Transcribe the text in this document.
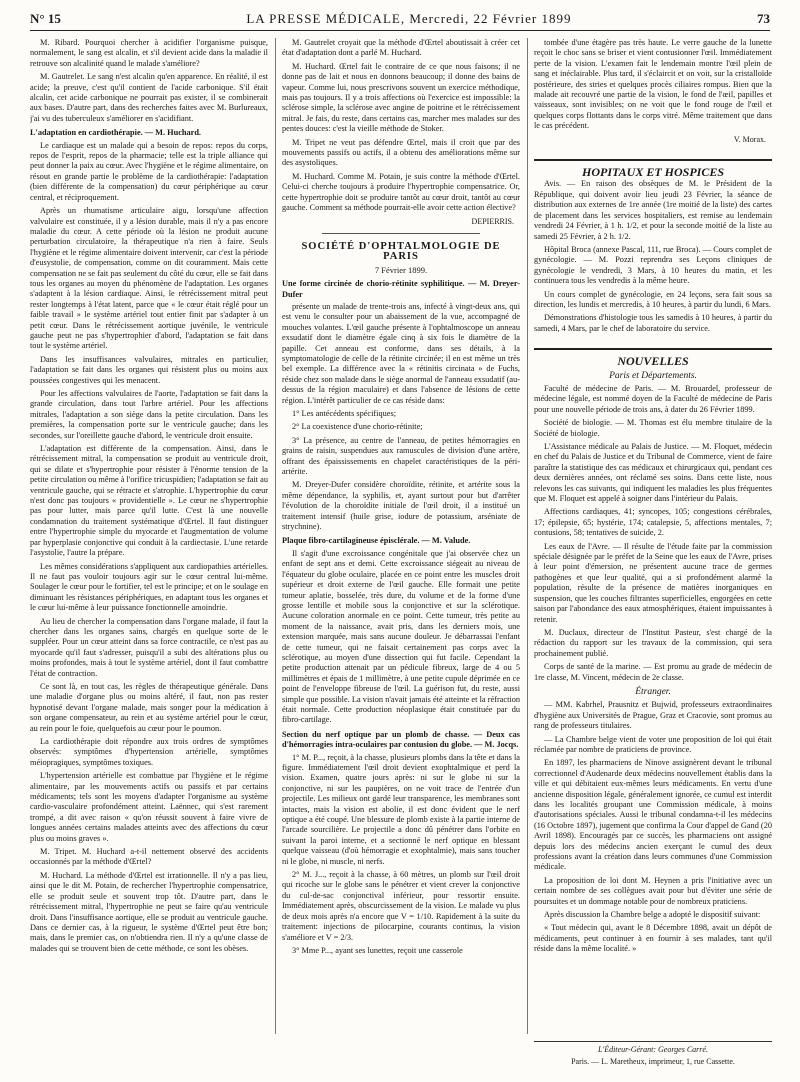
N° 15	LA PRESSE MÉDICALE, Mercredi, 22 Février 1899	73

M. Ribard. Pourquoi chercher à acidifier l'organisme puisque, normalement, le sang est alcalin, et s'il devient acide dans la maladie il retrouve son alcalinité quand le malade s'améliore?

M. Gautrelet. Le sang n'est alcalin qu'en apparence. En réalité, il est acide; la preuve, c'est qu'il contient de l'acide carbonique. S'il était alcalin, cet acide carbonique ne pourrait pas exister, il se combinerait aux bases. D'autre part, dans des recherches faites avec M. Burlureaux, j'ai vu des tuberculeux s'améliorer en s'acidifiant.

L'adaptation en cardiothérapie. — M. Huchard.

Le cardiaque est un malade qui a besoin de repos: repos du corps, repos de l'esprit, repos de la pharmacie; telle est la triple alliance qui peut donner la paix au cœur. Avec l'hygiène et le régime alimentaire, on résout en grande partie le problème de la cardiothérapie: l'adaptation (bien différente de la compensation) du cœur périphérique au cœur central, et réciproquement.

Après un rhumatisme articulaire aigu, lorsqu'une affection valvulaire est constituée, il y a lésion durable, mais il n'y a pas encore maladie du cœur. A cette période où la lésion ne produit aucune perturbation circulatoire, la thérapeutique n'a rien à faire. Seuls l'hygiène et le régime alimentaire doivent intervenir, car c'est la période d'eusystolie, de compensation, comme on dit couramment. Mais cette compensation ne se fait pas seulement du côté du cœur, elle se fait dans tous les organes au moyen du phénomène de l'adaptation. Les organes s'adaptent à la lésion cardiaque. Ainsi, le rétrécissement mitral peut rester longtemps à l'état latent, parce que « le cœur était réglé pour un faible travail » le système artériel tout entier finit par s'adapter à un petit cœur. Dans le rétrécissement aortique juvénile, le ventricule gauche peut ne pas s'hypertrophier d'abord, l'adaptation se fait dans tout le système artériel.

Dans les insuffisances valvulaires, mitrales en particulier, l'adaptation se fait dans les organes qui résistent plus ou moins aux poussées congestives qui les menacent.

Pour les affections valvulaires de l'aorte, l'adaptation se fait dans la grande circulation, dans tout l'arbre artériel. Pour les affections mitrales, l'adaptation a son siège dans la petite circulation. Dans les premières, la compensation porte sur le ventricule gauche; dans les secondes, sur l'oreillette gauche d'abord, le ventricule droit ensuite.

L'adaptation est différente de la compensation. Ainsi, dans le rétrécissement mitral, la compensation se produit au ventricule droit, qui se dilate et s'hypertrophie pour résister à l'énorme tension de la petite circulation ou même à l'orifice tricuspidien; l'adaptation se fait au ventricule gauche, qui se rétracte et s'atrophie. L'hypertrophie du cœur n'est donc pas toujours « providentielle ». Le cœur ne s'hypertrophie pas pour lutter, mais parce qu'il lutte. C'est là une nouvelle condamnation du traitement systématique d'Œrtel. Il faut distinguer entre l'hypertrophie simple du myocarde et l'augmentation de volume par hyperplasie conjonctive qui conduit à la cardiectasie. L'une retarde l'asystolie, l'autre la prépare.

Les mêmes considérations s'appliquent aux cardiopathies artérielles. Il ne faut pas vouloir toujours agir sur le cœur central lui-même. Soulager le cœur pour le fortifier, tel est le principe; et on le soulage en diminuant les résistances périphériques, en adaptant tous les organes et le cœur lui-même à leur puissance fonctionnelle amoindrie.

Au lieu de chercher la compensation dans l'organe malade, il faut la chercher dans les organes sains, chargés en quelque sorte de le suppléer. Pour un cœur atteint dans sa force contractile, ce n'est pas au myocarde qu'il faut s'adresser, puisqu'il a subi des altérations plus ou moins profondes, mais à tout le système artériel, dont il faut combattre l'état de contraction.

Ce sont là, en tout cas, les règles de thérapeutique générale. Dans une maladie d'organe plus ou moins altéré, il faut, non pas rester hypnotisé devant l'organe malade, mais songer pour la médication à son organe compensateur, au rein et au système artériel pour le cœur, au rein pour le foie, quelquefois au cœur pour le poumon.

La cardiothérapie doit répondre aux trois ordres de symptômes observés: symptômes d'hypertension artérielle, symptômes méiopragiques, symptômes toxiques.

L'hypertension artérielle est combattue par l'hygiène et le régime alimentaire, par les mouvements actifs ou passifs et par certains médicaments; tels sont les moyens d'adapter l'organisme au système cardio-vasculaire profondément atteint. Laënnec, qui s'est rarement trompé, a dit avec raison « qu'on réussit souvent à faire vivre de longues années certains malades atteints avec des affections du cœur plus ou moins graves ».

M. Tripet. M. Huchard a-t-il nettement observé des accidents occasionnés par la méthode d'Œrtel?

M. Huchard. La méthode d'Œrtel est irrationnelle. Il n'y a pas lieu, ainsi que le dit M. Potain, de rechercher l'hypertrophie compensatrice, elle se produit seule et souvent trop tôt. D'autre part, dans le rétrécissement mitral, l'hypertrophie ne peut se faire qu'au ventricule droit. Dans l'insuffisance aortique, elle se produit au ventricule gauche. Dans ce dernier cas, à la rigueur, le système d'Œrtel peut être bon; mais, dans le premier cas, on n'obtiendra rien. Il n'y a qu'une classe de malades qui se trouvent bien de cette méthode, ce sont les obèses.

M. Gautrelet croyait que la méthode d'Œrtel aboutissait à créer cet état d'adaptation dont a parlé M. Huchard.

M. Huchard. Œrtel fait le contraire de ce que nous faisons; il ne donne pas de lait et nous en donnons beaucoup; il donne des bains de vapeur. Comme lui, nous prescrivons souvent un exercice méthodique, mais pas toujours. Il y a trois affections où l'exercice est impossible: la sclérose simple, la sclérose avec angine de poitrine et le rétrécissement mitral. Je fais, du reste, dans certains cas, marcher mes malades sur des pentes douces: c'est la vieille méthode de Stoker.

M. Tripet ne veut pas défendre Œrtel, mais il croit que par des mouvements passifs ou actifs, il a obtenu des améliorations même sur des asystoliques.

M. Huchard. Comme M. Potain, je suis contre la méthode d'Œrtel. Celui-ci cherche toujours à produire l'hypertrophie compensatrice. Or, cette hypertrophie doit se produire tantôt au cœur droit, tantôt au cœur gauche. Comment sa méthode pourrait-elle avoir cette action élective?

DEPIERRIS.
SOCIÉTÉ D'OPHTALMOLOGIE DE PARIS
7 Février 1899.

Une forme circinée de chorio-rétinite syphilitique. — M. Dreyer-Dufer

présente un malade de trente-trois ans, infecté à vingt-deux ans, qui est venu le consulter pour un abaissement de la vue, accompagné de mouches volantes. L'œil gauche présente à l'ophtalmoscope un anneau exsudatif dont le diamètre égale cinq à six fois le diamètre de la papille. Cet anneau est conforme, dans ses détails, à la symptomatologie de celle de la rétinite circinée; il en est même un très bel exemple. La différence avec la « rétinitis circinata » de Fuchs, réside chez son malade dans le siège anormal de l'anneau exsudatif (au-dessus de la région maculaire) et dans l'absence de lésions de cette région. L'intérêt particulier de ce cas réside dans:

1° Les antécédents spécifiques;

2° La coexistence d'une chorio-rétinite;

3° La présence, au centre de l'anneau, de petites hémorragies en grains de raisin, suspendues aux ramuscules de division d'une artère, offrant des épaississements en chapelet caractéristiques de la péri-artérite.

M. Dreyer-Dufer considère choroïdite, rétinite, et artérite sous la même dépendance, la syphilis, et, ayant surtout pour but d'arrêter l'évolution de la choroïdite initiale de l'œil droit, il a institué un traitement intensif (huile grise, iodure de potassium, arséniate de strychnine).

Plaque fibro-cartilagineuse épisclérale. — M. Valude.

Il s'agit d'une excroissance congénitale que j'ai observée chez un enfant de sept ans et demi. Cette excroissance siégeait au niveau de l'équateur du globe oculaire, placée en ce point entre les muscles droit supérieur et droit externe de l'œil gauche. Elle formait une petite tumeur aplatie, bosselée, très dure, du volume et de la forme d'une grosse lentille et mobile sous la conjonctive et sur la sclérotique. Aucune coloration anormale en ce point. Cette tumeur, très petite au moment de la naissance, avait pris, dans les derniers mois, une extension marquée, mais sans aucune douleur. Je débarrassai l'enfant de cette tumeur, qui ne faisait certainement pas corps avec la sclérotique, au moyen d'une dissection qui fut facile. Cependant la petite production attenait par un pédicule fibreux, large de 4 ou 5 millimètres et épais de 1 millimètre, à une petite cupule déprimée en ce point de l'enveloppe fibreuse de l'œil. La guérison fut, du reste, aussi simple que possible. La vision n'avait jamais été atteinte et la réfraction était normale. Cette production néoplasique était constituée par du fibro-cartilage.

Section du nerf optique par un plomb de chasse. — Deux cas d'hémorragies intra-oculaires par contusion du globe. — M. Jocqs.

1° M. P..., reçoit, à la chasse, plusieurs plombs dans la tête et dans la figure. Immédiatement l'œil droit devient exophtalmique et perd la vision. Examen, quatre jours après: ni sur le globe ni sur la conjonctive, ni sur les paupières, on ne voit trace de l'entrée d'un projectile. Les milieux ont gardé leur transparence, les membranes sont intactes, mais la vision est abolie, il est donc évident que le nerf optique a été coupé. Une blessure de plomb existe à la partie interne de l'arcade sourcilière. Le projectile a donc dû pénétrer dans l'orbite en suivant la paroi interne, et a sectionné le nerf optique en blessant quelque vaisseau (d'où hémorragie et exophtalmie), mais sans toucher ni le globe, ni muscle, ni nerfs.

2° M. J..., reçoit à la chasse, à 60 mètres, un plomb sur l'œil droit qui ricoche sur le globe sans le pénétrer et vient crever la conjonctive du cul-de-sac conjonctival inférieur, pour ressortir ensuite. Immédiatement après, obscurcissement de la vision. Le malade vu plus de deux mois après n'a encore que V = 1/10. Rapidement à la suite du traitement: injections de pilocarpine, courants continus, la vision s'améliore et V = 2/3.

3° Mme P..., ayant ses lunettes, reçoit une casserole

tombée d'une étagère pas très haute. Le verre gauche de la lunette reçoit le choc sans se briser et vient contusionner l'œil. Immédiatement perte de la vision. L'examen fait le lendemain montre l'œil plein de sang et inéclairable. Plus tard, il s'éclaircit et on voit, sur la cristalloïde postérieure, des stries et quelques procès ciliaires rompus. Bien que la malade ait recouvré une partie de la vision, le fond de l'œil, papilles et vaisseaux, sont invisibles; on ne voit que le fond rouge de l'œil et quelques corps flottants dans le corps vitré. Même traitement que dans le cas précédent.

V. Morax.
HOPITAUX ET HOSPICES

Avis. — En raison des obsèques de M. le Président de la République, qui doivent avoir lieu jeudi 23 Février, la séance de distribution aux externes de 1re année (1re moitié de la liste) des cartes de placement dans les services hospitaliers, est remise au lendemain vendredi 24 Février, à 1 h. 1/2, et pour la seconde moitié de la liste au samedi 25 Février, à 2 h. 1/2.

Hôpital Broca (annexe Pascal, 111, rue Broca). — Cours complet de gynécologie. — M. Pozzi reprendra ses Leçons cliniques de gynécologie le vendredi, 3 Mars, à 10 heures du matin, et les continuera tous les vendredis à la même heure.

Un cours complet de gynécologie, en 24 leçons, sera fait sous sa direction, les lundis et mercredis, à 10 heures, à partir du lundi, 6 Mars.

Démonstrations d'histologie tous les samedis à 10 heures, à partir du samedi, 4 Mars, par le chef de laboratoire du service.

NOUVELLES
Paris et Départements.

Faculté de médecine de Paris. — M. Brouardel, professeur de médecine légale, est nommé doyen de la Faculté de médecine de Paris pour une nouvelle période de trois ans, à dater du 26 Février 1899.

Société de biologie. — M. Thomas est élu membre titulaire de la Société de biologie.

L'Assistance médicale au Palais de Justice. — M. Floquet, médecin en chef du Palais de Justice et du Tribunal de Commerce, vient de faire paraître la statistique des cas médicaux et chirurgicaux qui, pendant ces deux dernières années, ont réclamé ses soins. Dans cette liste, nous relevons les cas suivants, qui indiquent les maladies les plus fréquentes que M. Floquet est appelé à soigner dans l'intérieur du Palais.

Affections cardiaques, 41; syncopes, 105; congestions cérébrales, 17; épilepsie, 65; hystérie, 174; catalepsie, 5, affections mentales, 7; contusions, 58; tentatives de suicide, 2.

Les eaux de l'Avre. — Il résulte de l'étude faite par la commission spéciale désignée par le préfet de la Seine que les eaux de l'Avre, prises à leur point d'émersion, ne présentent aucune trace de germes pathogènes et que leur qualité, qui a si profondément alarmé la population, résulte de la présence de matières inorganiques en suspension, que les couches filtrantes superficielles, engorgées en cette saison par l'abondance des eaux atmosphériques, étaient impuissantes à retenir.

M. Duclaux, directeur de l'Institut Pasteur, s'est chargé de la rédaction du rapport sur les travaux de la commission, qui sera prochainement publié.

Corps de santé de la marine. — Est promu au grade de médecin de 1re classe, M. Vincent, médecin de 2e classe.

Étranger.

— MM. Kabrhel, Prausnitz et Bujwid, professeurs extraordinaires d'hygiène aux Universités de Prague, Graz et Cracovie, sont promus au rang de professeurs titulaires.

— La Chambre belge vient de voter une proposition de loi qui était réclamée par nombre de praticiens de province.

En 1897, les pharmaciens de Ninove assignèrent devant le tribunal correctionnel d'Audenarde deux médecins nouvellement établis dans la ville et qui débitaient eux-mêmes leurs médicaments. En vertu d'une ancienne disposition légale, généralement ignorée, ce cumul est interdit dans les localités groupant une Commission médicale, à moins d'autorisations spéciales. Aussi le tribunal condamna-t-il les médecins (16 Octobre 1897), jugement que confirma la Cour d'appel de Gand (20 Avril 1898). Encouragés par ce succès, les pharmaciens ont assigné depuis lors des médecins ancien exerçant le cumul des deux professions avant la création dans leurs communes d'une Commission médicale.

La proposition de loi dont M. Heynen a pris l'initiative avec un certain nombre de ses collègues avait pour but d'éviter une série de poursuites et un dommage notable pour de nombreux praticiens.

Après discussion la Chambre belge a adopté le dispositif suivant:

« Tout médecin qui, avant le 8 Décembre 1898, avait un dépôt de médicaments, peut continuer à en fournir à ses malades, tant qu'il réside dans la même localité. »

L'Éditeur-Gérant: Georges Carré.
Paris. — L. Maretheux, imprimeur, 1, rue Cassette.
